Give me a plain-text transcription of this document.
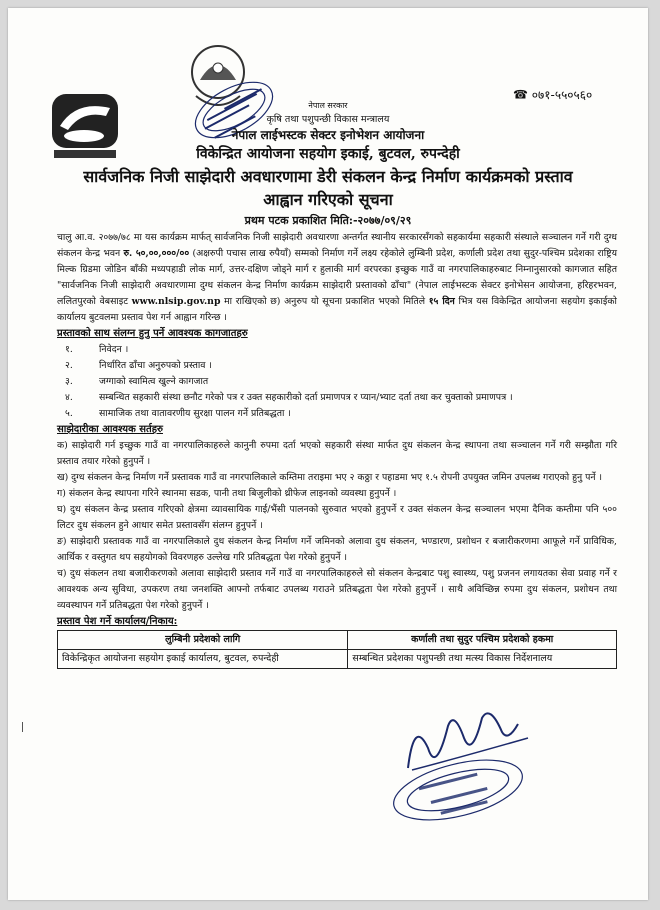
☎ ०७१-५५०५६०
नेपाल सरकार
कृषि तथा पशुपन्छी विकास मन्त्रालय
नेपाल लाईभस्टक सेक्टर इनोभेशन आयोजना
विकेन्द्रित आयोजना सहयोग इकाई, बुटवल, रुपन्देही
सार्वजनिक निजी साझेदारी अवधारणामा डेरी संकलन केन्द्र निर्माण कार्यक्रमको प्रस्ताव
आह्वान गरिएको सूचना
प्रथम पटक प्रकाशित मिति:-२०७७/०९/२९
चालु आ.व. २०७७/७८ मा यस कार्यक्रम मार्फत् सार्वजनिक निजी साझेदारी अवधारणा अन्तर्गत स्थानीय सरकारसँगको सहकार्यमा सहकारी संस्थाले सञ्चालन गर्ने गरी दुग्ध संकलन केन्द्र भवन रु. ५०,००,०००/०० (अक्षरुपी पचास लाख रुपैयाँ) सम्मको निर्माण गर्ने लक्ष्य रहेकोले लुम्बिनी प्रदेश, कर्णाली प्रदेश तथा सुदुर-पश्चिम प्रदेशका राष्ट्रिय मिल्क ग्रिडमा जोडिन बाँकी मध्यपहाडी लोक मार्ग, उत्तर-दक्षिण जोड्ने मार्ग र हुलाकी मार्ग वरपरका इच्छुक गाउँ वा नगरपालिकाहरुबाट निम्नानुसारको कागजात सहित "सार्वजनिक निजी साझेदारी अवधारणामा दुग्ध संकलन केन्द्र निर्माण कार्यक्रम साझेदारी प्रस्तावको ढाँचा" (नेपाल लाईभस्टक सेक्टर इनोभेसन आयोजना, हरिहरभवन, ललितपुरको वेबसाइट www.nlsip.gov.np मा राखिएको छ) अनुरुप यो सूचना प्रकाशित भएको मितिले १५ दिन भित्र यस विकेन्द्रित आयोजना सहयोग इकाईको कार्यालय बुटवलमा प्रस्ताव पेश गर्न आह्वान गरिन्छ ।
प्रस्तावको साथ संलग्न हुनु पर्ने आवश्यक कागजातहरु
१.	निवेदन ।
२.	निर्धारित ढाँचा अनुरुपको प्रस्ताव ।
३.	जग्गाको स्वामित्व खुल्ने कागजात
४.	सम्बन्धित सहकारी संस्था छनौट गरेको पत्र र उक्त सहकारीको दर्ता प्रमाणपत्र र प्यान/भ्याट दर्ता तथा कर चुक्ताको प्रमाणपत्र ।
५.	सामाजिक तथा वातावरणीय सुरक्षा पालन गर्ने प्रतिबद्धता ।
साझेदारीका आवश्यक सर्तहरु
क) साझेदारी गर्न इच्छुक गाउँ वा नगरपालिकाहरुले कानुनी रुपमा दर्ता भएको सहकारी संस्था मार्फत दुध संकलन केन्द्र स्थापना तथा सञ्चालन गर्ने गरी सम्झौता गरि प्रस्ताव तयार गरेको हुनुपर्ने ।
ख) दुग्ध संकलन केन्द्र निर्माण गर्ने प्रस्तावक गाउँ वा नगरपालिकाले कम्तिमा तराइमा भए २ कठ्ठा र पहाडमा भए १.५ रोपनी उपयुक्त जमिन उपलब्ध गराएको हुनु पर्ने ।
ग) संकलन केन्द्र स्थापना गरिने स्थानमा सडक, पानी तथा बिजुलीको थ्रीफेज लाइनको व्यवस्था हुनुपर्ने ।
घ) दुध संकलन केन्द्र प्रस्ताव गरिएको क्षेत्रमा व्यावसायिक गाई/भैंसी पालनको सुरुवात भएको हुनुपर्ने र उक्त संकलन केन्द्र सञ्चालन भएमा दैनिक कम्तीमा पनि ५०० लिटर दुध संकलन हुने आधार समेत प्रस्तावसँग संलग्न हुनुपर्ने ।
ङ) साझेदारी प्रस्तावक गाउँ वा नगरपालिकाले दुध संकलन केन्द्र निर्माण गर्ने जमिनको अलावा दुध संकलन, भण्डारण, प्रशोधन र बजारीकरणमा आफूले गर्ने प्राविधिक, आर्थिक र वस्तुगत थप सहयोगको विवरणहरु उल्लेख गरि प्रतिबद्धता पेश गरेको हुनुपर्ने ।
च) दुध संकलन तथा बजारीकरणको अलावा साझेदारी प्रस्ताव गर्ने गाउँ वा नगरपालिकाहरुले सो संकलन केन्द्रबाट पशु स्वास्थ्य, पशु प्रजनन लगायतका सेवा प्रवाह गर्ने र आवश्यक अन्य सुविधा, उपकरण तथा जनशक्ति आफ्नो तर्फबाट उपलब्ध गराउने प्रतिबद्धता पेश गरेको हुनुपर्ने । साथै अविच्छिन्न रुपमा दुध संकलन, प्रशोधन तथा व्यवस्थापन गर्ने प्रतिबद्धता पेश गरेको हुनुपर्ने ।
प्रस्ताव पेश गर्ने कार्यालय/निकाय:
लुम्बिनी प्रदेशको लागि	कर्णाली तथा सुदुर पश्चिम प्रदेशको हकमा
विकेन्द्रिकृत आयोजना सहयोग इकाई कार्यालय, बुटवल, रुपन्देही	सम्बन्धित प्रदेशका पशुपन्छी तथा मत्स्य विकास निर्देशनालय
